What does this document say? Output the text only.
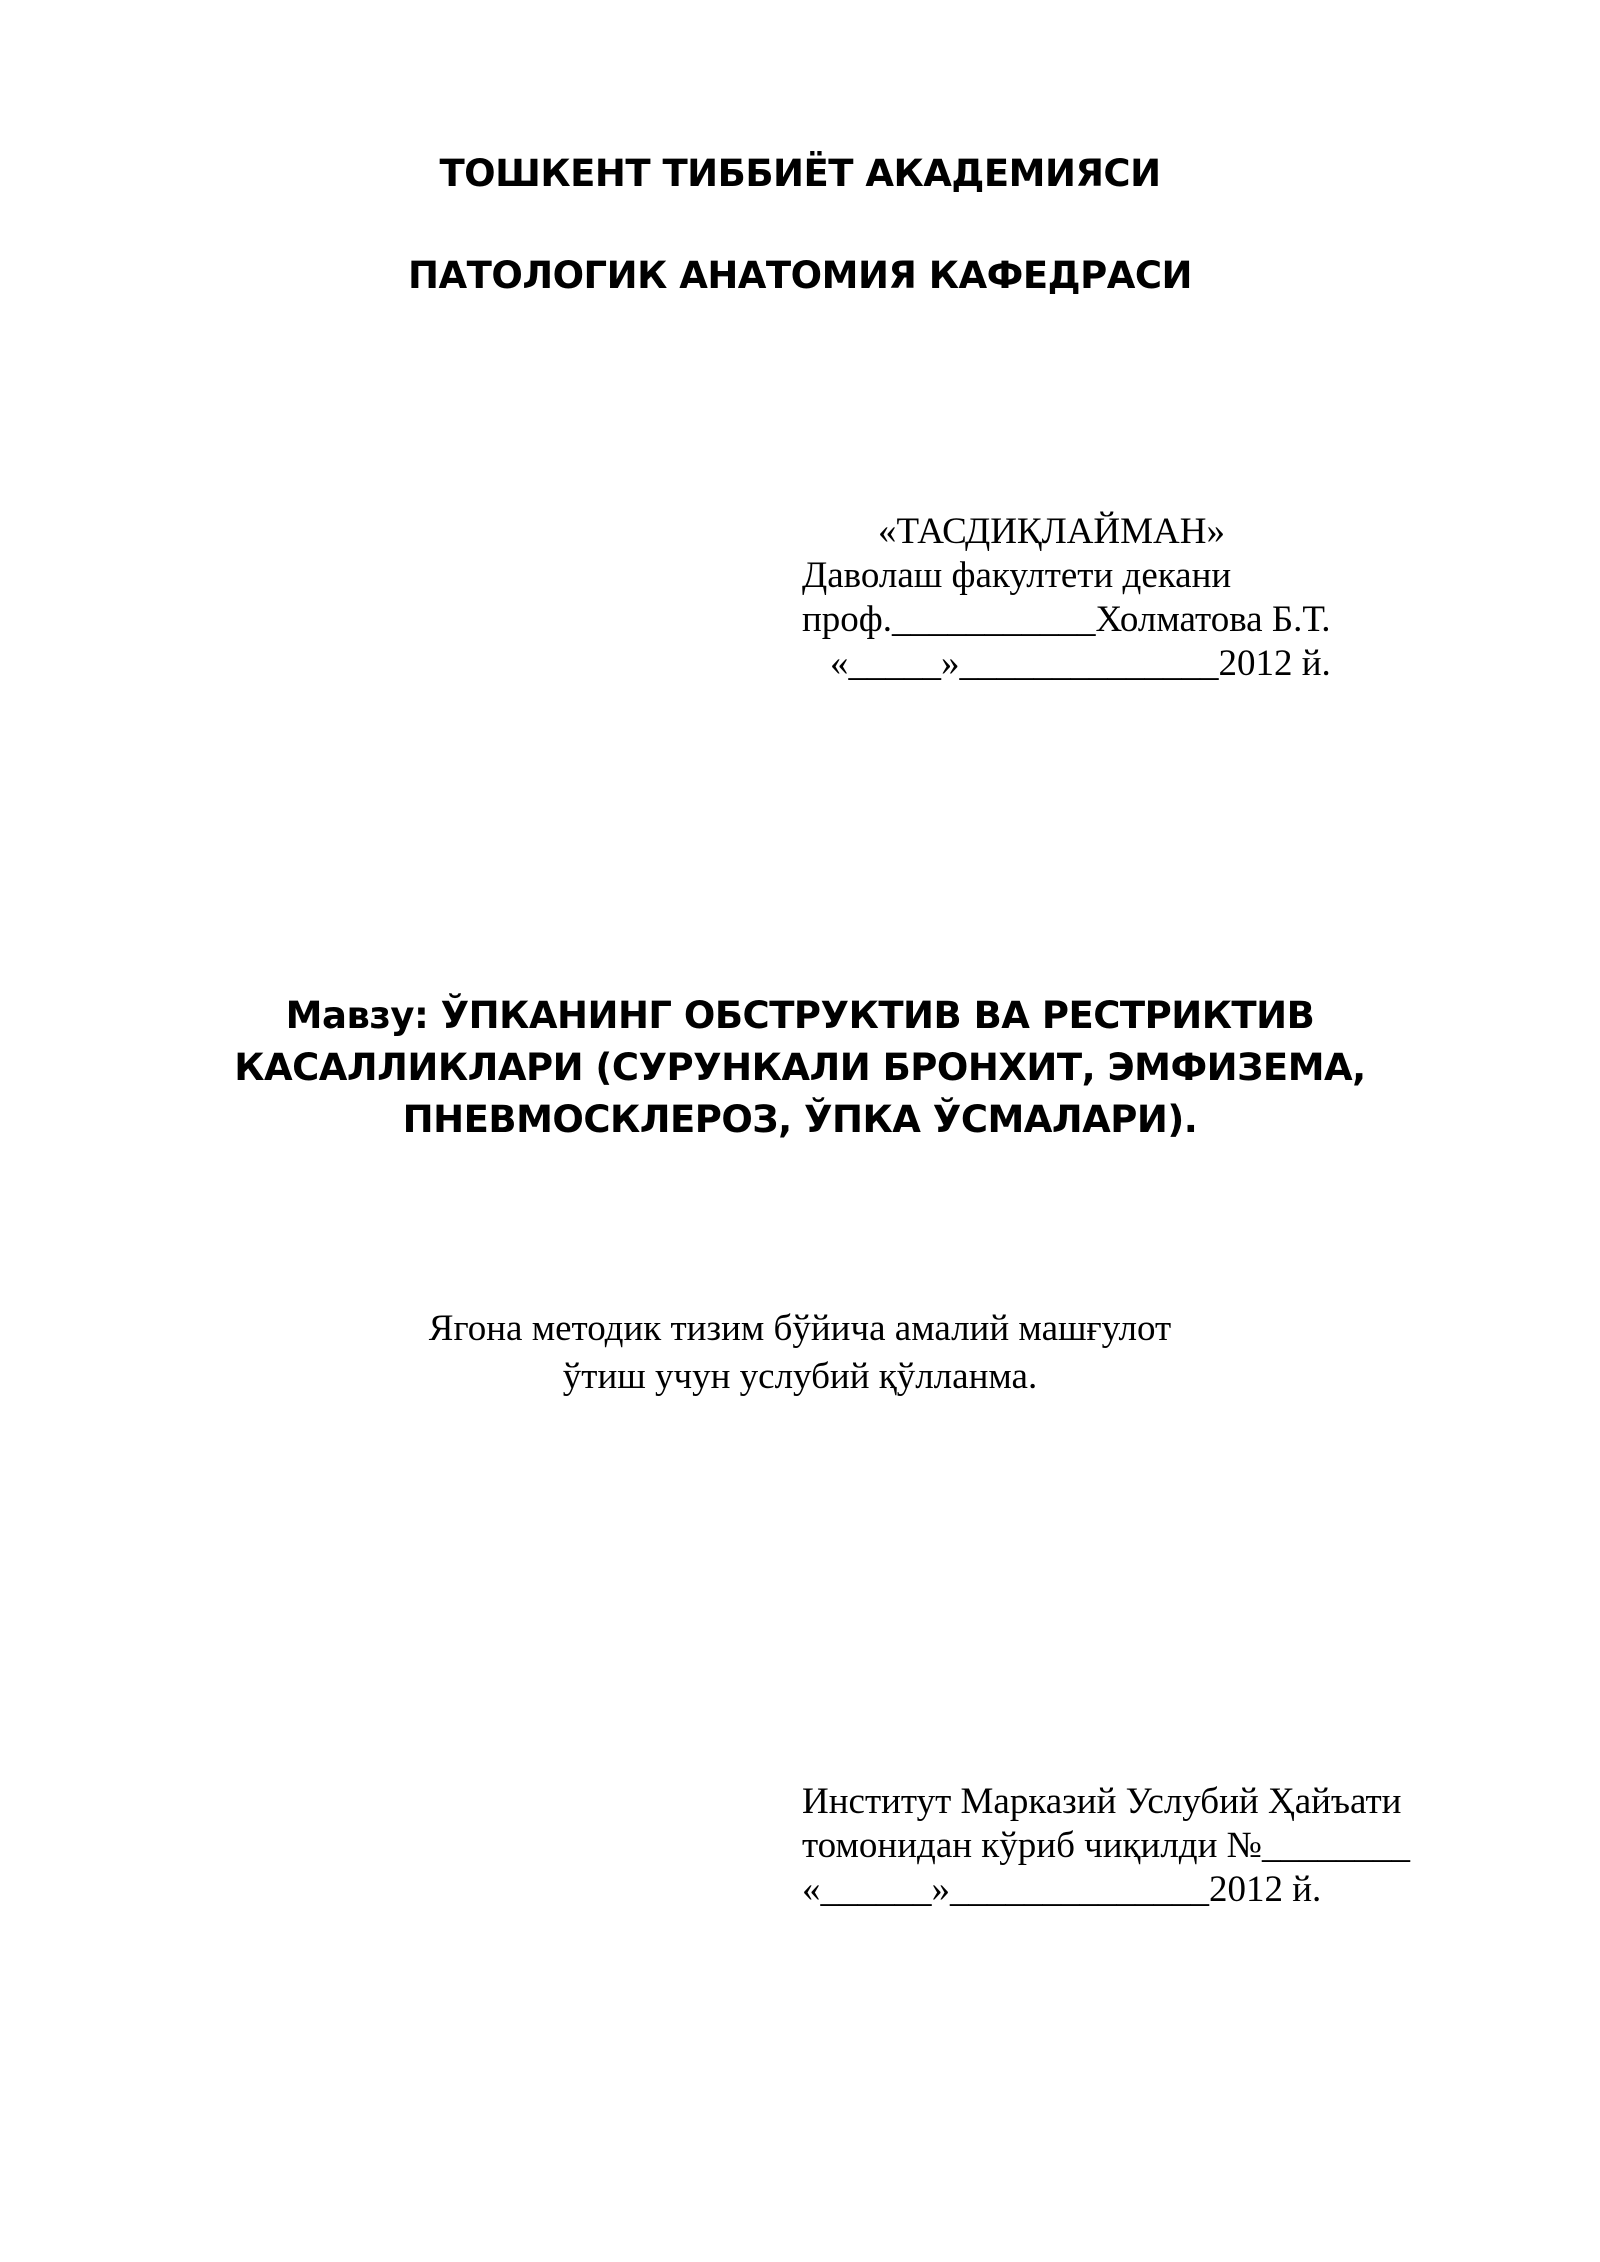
ТОШКЕНТ ТИББИЁТ АКАДЕМИЯСИ
ПАТОЛОГИК АНАТОМИЯ КАФЕДРАСИ
«ТАСДИҚЛАЙМАН»
Даволаш факултети декани
проф.___________Холматова Б.Т.
«_____»______________2012 й.
Мавзу: ЎПКАНИНГ ОБСТРУКТИВ ВА РЕСТРИКТИВ
КАСАЛЛИКЛАРИ (СУРУНКАЛИ БРОНХИТ, ЭМФИЗЕМА,
ПНЕВМОСКЛЕРОЗ, ЎПКА ЎСМАЛАРИ).
Ягона методик тизим бўйича амалий машғулот
ўтиш учун услубий қўлланма.
Институт Марказий Услубий Ҳайъати
томонидан кўриб чиқилди №________
«______»______________2012 й.
